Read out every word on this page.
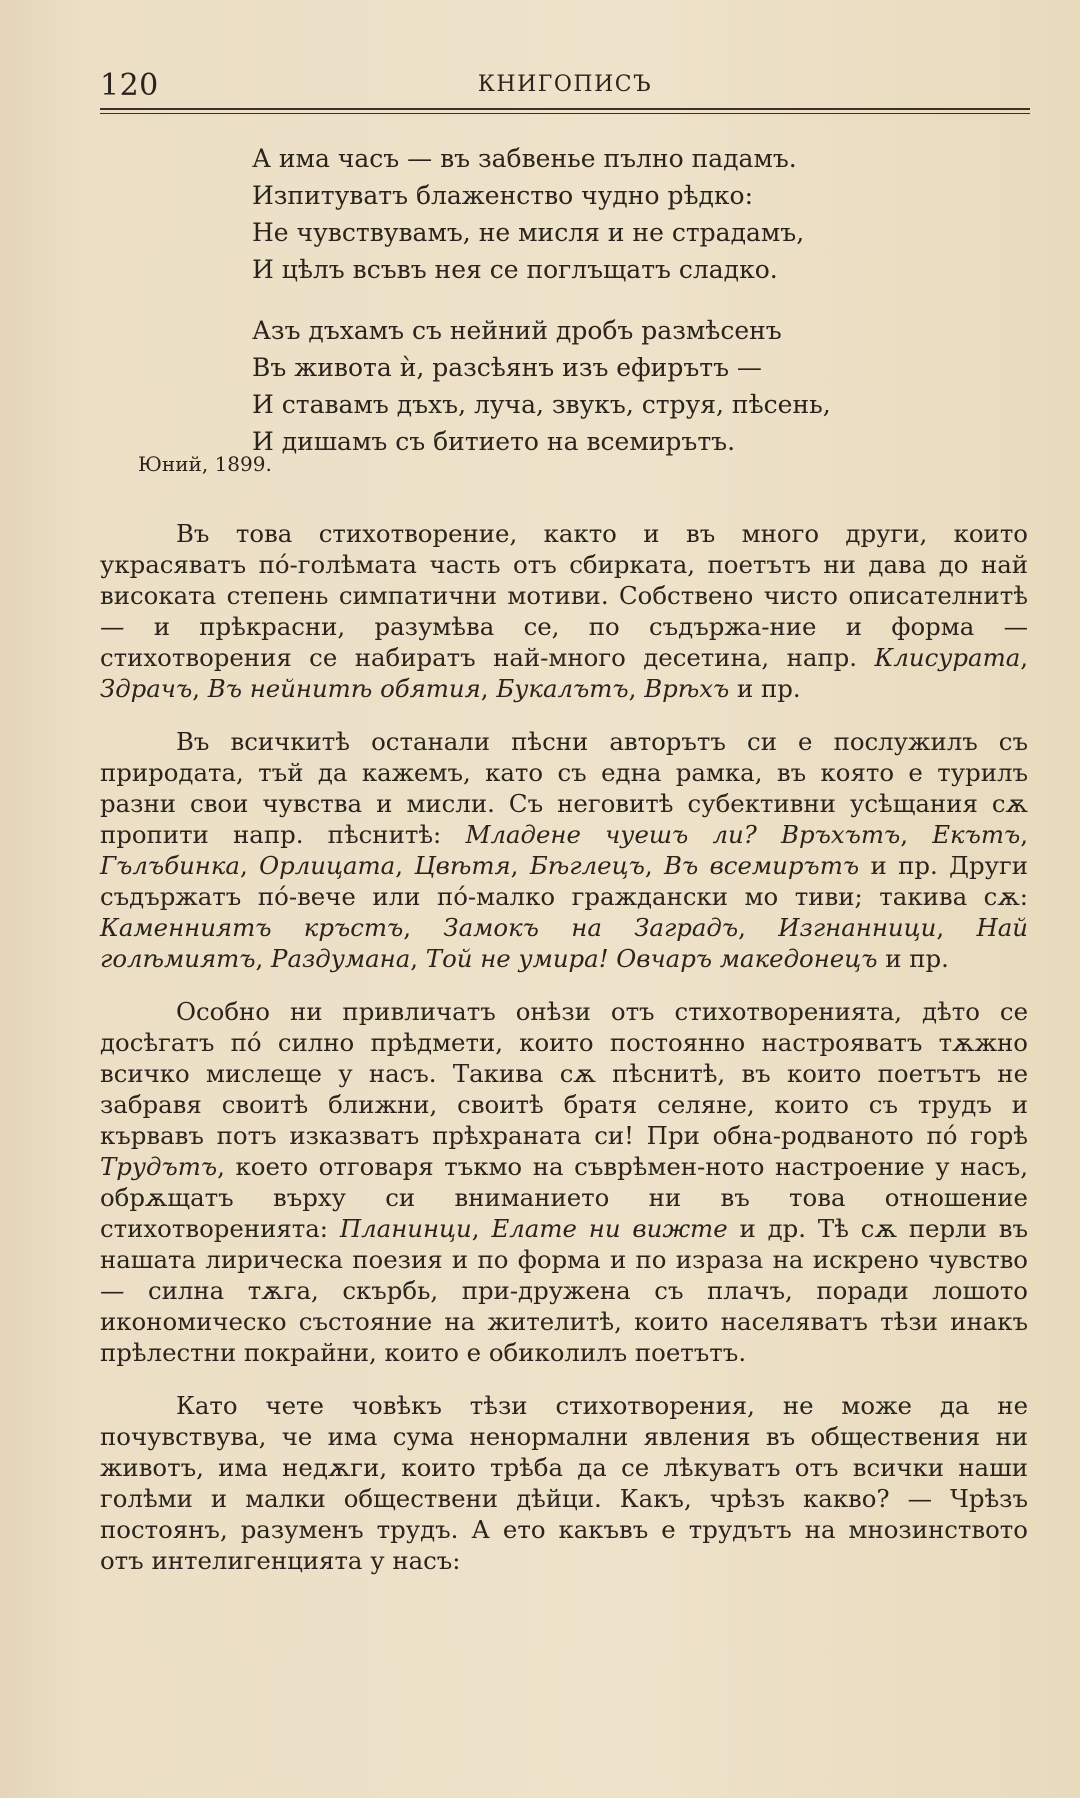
120	КНИГОПИСЪ
А има часъ — въ забвенье пълно падамъ.
Изпитуватъ блаженство чудно рѣдко:
Не чувствувамъ, не мисля и не страдамъ,
И цѣлъ всъвъ нея се поглъщатъ сладко.
Азъ дъхамъ съ нейний дробъ размѣсенъ
Въ живота ѝ, разсѣянъ изъ ефирътъ —
И ставамъ дъхъ, луча, звукъ, струя, пѣсень,
И дишамъ съ битието на всемирътъ.
Юний, 1899.

Въ това стихотворение, както и въ много други, които украсяватъ пó-голѣмата часть отъ сбирката, поетътъ ни дава до най високата степень симпатични мотиви. Собствено чисто описателнитѣ — и прѣкрасни, разумѣва се, по съдържа-ние и форма — стихотворения се набиратъ най-много десетина, напр. Клисурата, Здрачъ, Въ нейнитѣ обятия, Букалътъ, Врѣхъ и пр.

Въ всичкитѣ останали пѣсни авторътъ си е послужилъ съ природата, тъй да кажемъ, като съ една рамка, въ която е турилъ разни свои чувства и мисли. Съ неговитѣ субективни усѣщания сѫ пропити напр. пѣснитѣ: Младене чуешъ ли? Връхътъ, Екътъ, Гълъбинка, Орлицата, Цвѣтя, Бѣглецъ, Въ всемирътъ и пр. Други съдържатъ пó-вече или пó-малко граждански мо тиви; такива сѫ: Каменниятъ кръстъ, Замокъ на Заградъ, Изгнанници, Най голѣмиятъ, Раздумана, Той не умира! Овчаръ македонецъ и пр.

Особно ни привличатъ онѣзи отъ стихотворенията, дѣто се досѣгатъ пó силно прѣдмети, които постоянно настрояватъ тѫжно всичко мислеще у насъ. Такива сѫ пѣснитѣ, въ които поетътъ не забравя своитѣ ближни, своитѣ братя селяне, които съ трудъ и кървавъ потъ изказватъ прѣхраната си! При обна-родваното пó горѣ Трудътъ, което отговаря тъкмо на съврѣмен-ното настроение у насъ, обрѫщатъ върху си вниманието ни въ това отношение стихотворенията: Планинци, Елате ни вижте и др. Тѣ сѫ перли въ нашата лирическа поезия и по форма и по израза на искрено чувство — силна тѫга, скърбь, при-дружена съ плачъ, поради лошото икономическо състояние на жителитѣ, които населяватъ тѣзи инакъ прѣлестни покрайни, които е обиколилъ поетътъ.

Като чете човѣкъ тѣзи стихотворения, не може да не почувствува, че има сума ненормални явления въ обществения ни животъ, има недѫги, които трѣба да се лѣкуватъ отъ всички наши голѣми и малки обществени дѣйци. Какъ, чрѣзъ какво? — Чрѣзъ постоянъ, разуменъ трудъ. А ето какъвъ е трудътъ на мнозинството отъ интелигенцията у насъ:
